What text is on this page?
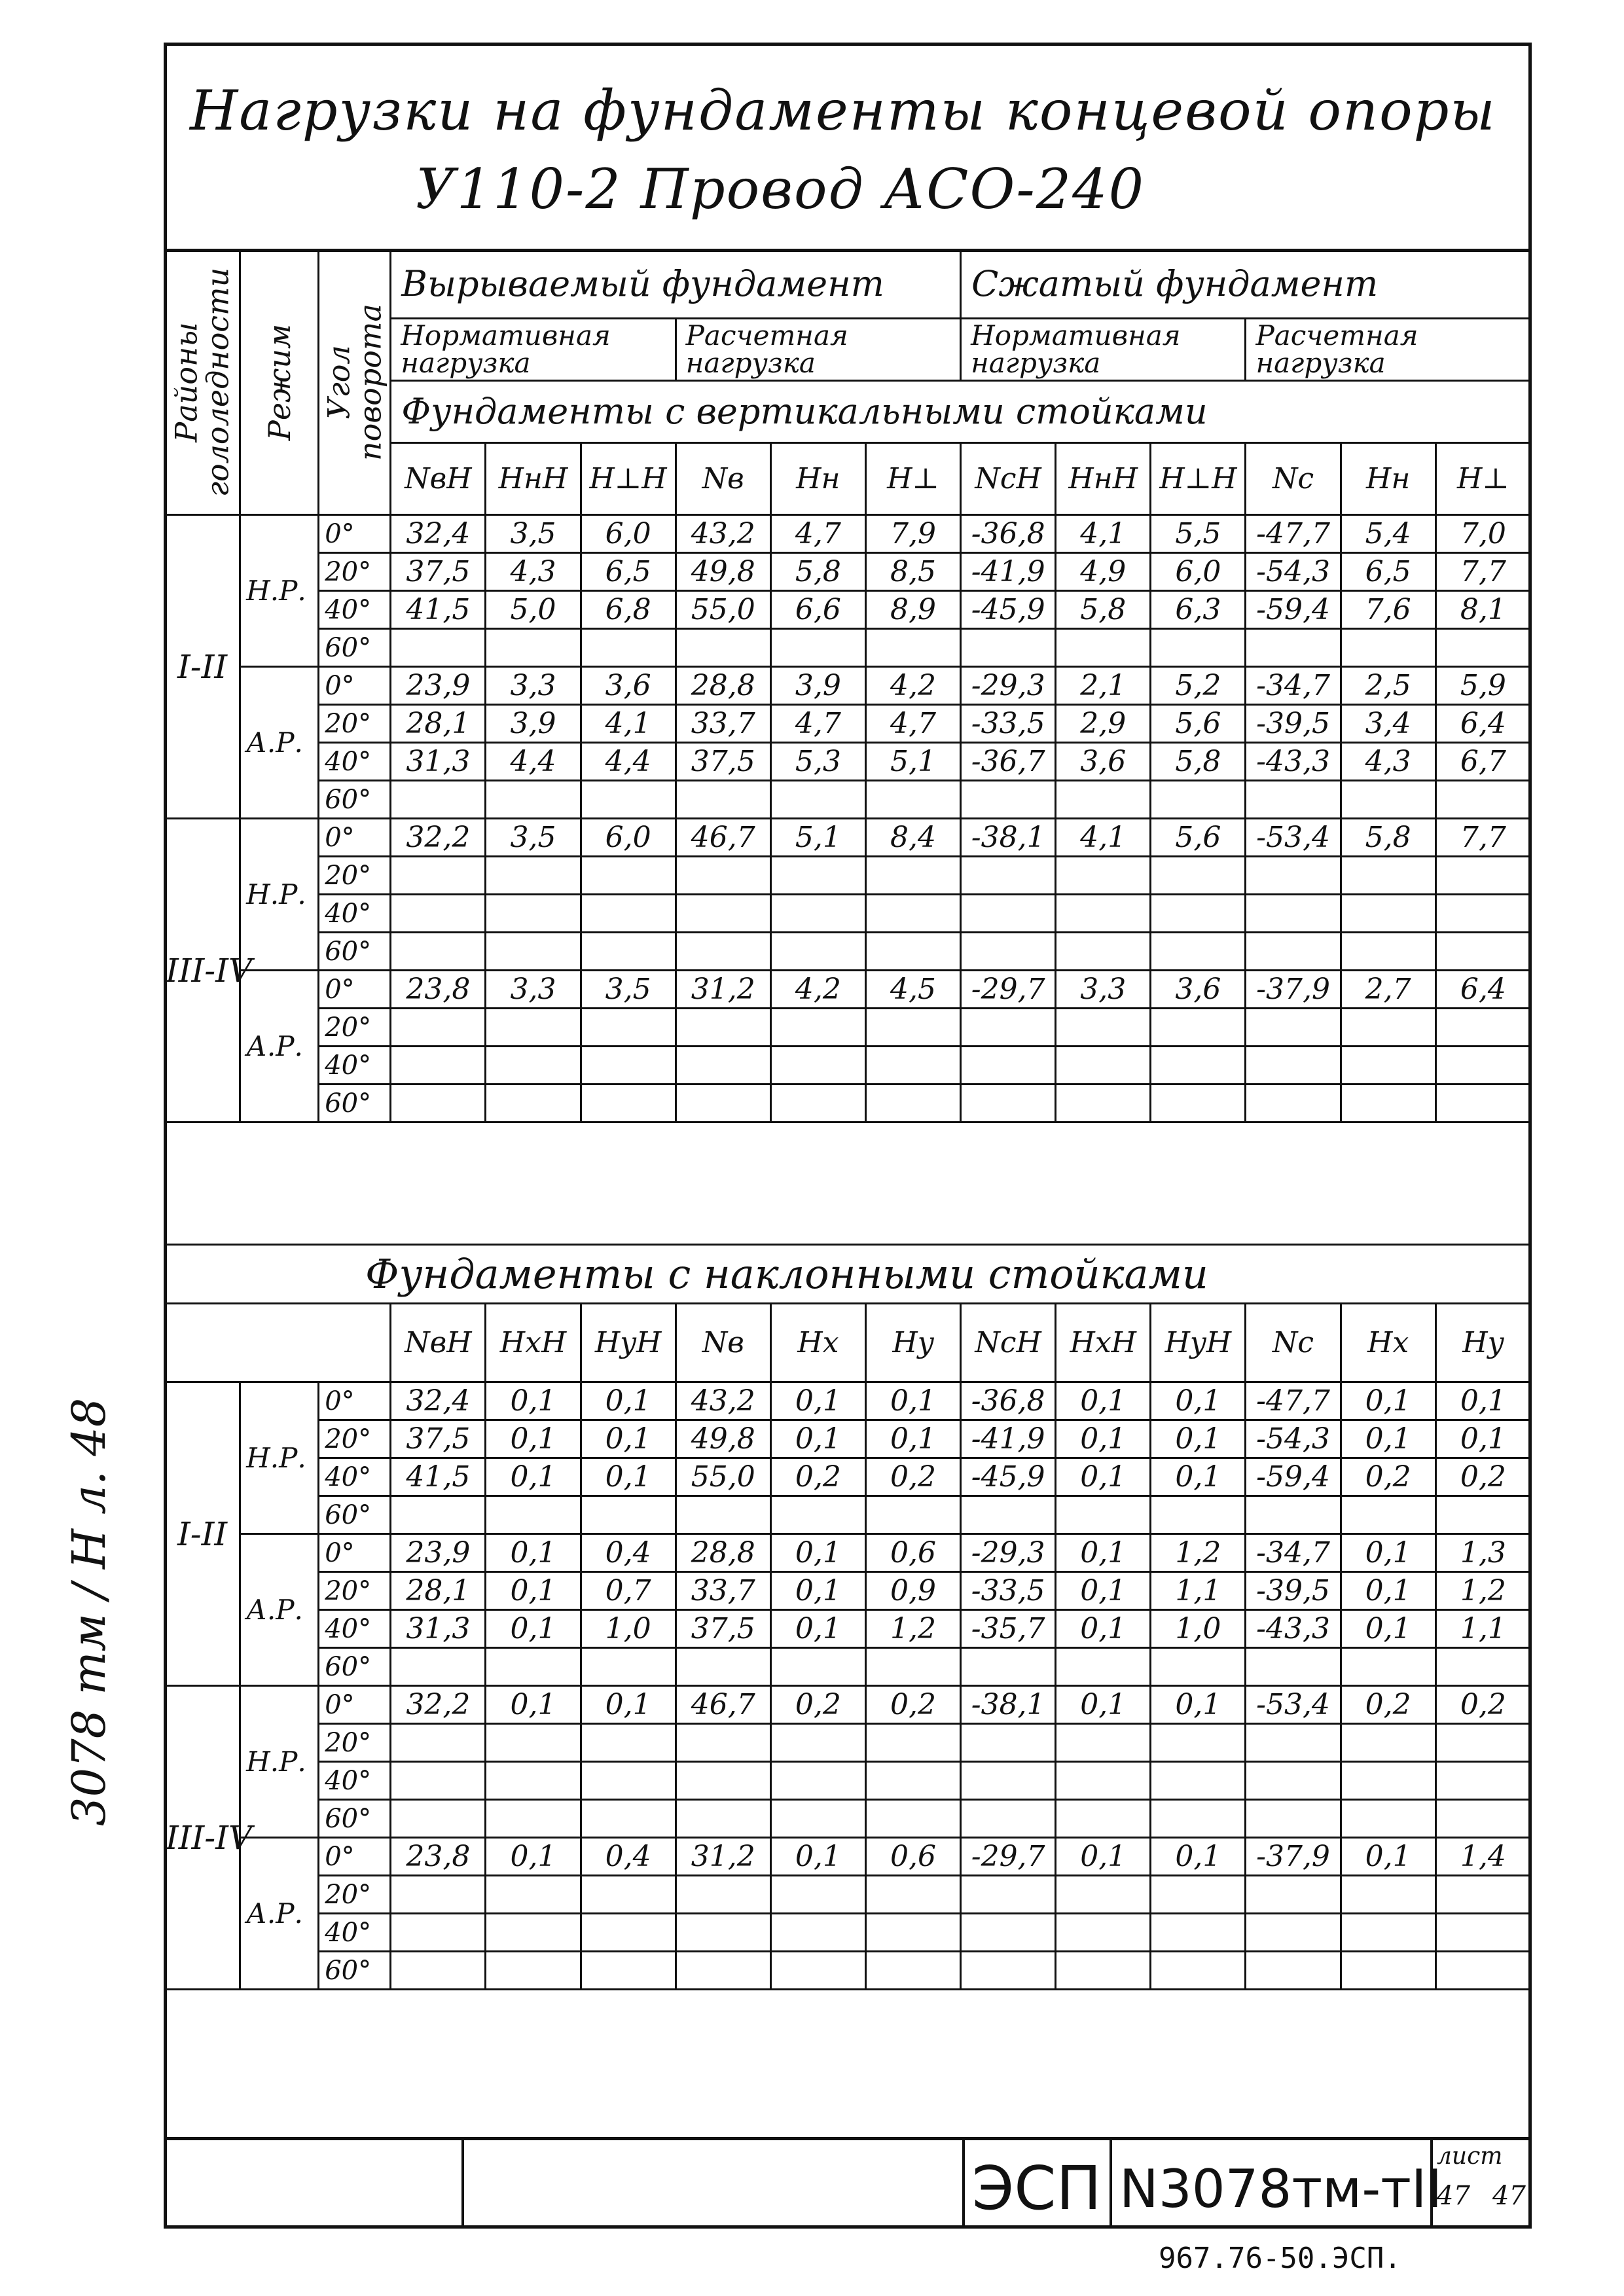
Нагрузки на фундаменты концевой опоры
У110-2 Провод АСО-240
Районы гололедности	Режим	Угол поворота	Вырываемый фундамент						Сжатый фундамент					
			Нормативная нагрузка			Расчетная нагрузка			Нормативная нагрузка			Расчетная нагрузка		
			Фундаменты с вертикальными стойками											
			NвН	HнН	H⊥Н	Nв	Hн	H⊥	NсН	HнН	H⊥Н	Nс	Hн	H⊥
I-II	Н.Р.	0°	32,4	3,5	6,0	43,2	4,7	7,9	-36,8	4,1	5,5	-47,7	5,4	7,0
		20°	37,5	4,3	6,5	49,8	5,8	8,5	-41,9	4,9	6,0	-54,3	6,5	7,7
		40°	41,5	5,0	6,8	55,0	6,6	8,9	-45,9	5,8	6,3	-59,4	7,6	8,1
		60°												
	А.Р.	0°	23,9	3,3	3,6	28,8	3,9	4,2	-29,3	2,1	5,2	-34,7	2,5	5,9
		20°	28,1	3,9	4,1	33,7	4,7	4,7	-33,5	2,9	5,6	-39,5	3,4	6,4
		40°	31,3	4,4	4,4	37,5	5,3	5,1	-36,7	3,6	5,8	-43,3	4,3	6,7
		60°												
III-IV	Н.Р.	0°	32,2	3,5	6,0	46,7	5,1	8,4	-38,1	4,1	5,6	-53,4	5,8	7,7
		20°												
		40°												
		60°												
	А.Р.	0°	23,8	3,3	3,5	31,2	4,2	4,5	-29,7	3,3	3,6	-37,9	2,7	6,4
		20°												
		40°												
		60°												
Фундаменты с наклонными стойками
			NвН	HxН	HyН	Nв	Hx	Hy	NсН	HxН	HyН	Nс	Hx	Hy
I-II	Н.Р.	0°	32,4	0,1	0,1	43,2	0,1	0,1	-36,8	0,1	0,1	-47,7	0,1	0,1
		20°	37,5	0,1	0,1	49,8	0,1	0,1	-41,9	0,1	0,1	-54,3	0,1	0,1
		40°	41,5	0,1	0,1	55,0	0,2	0,2	-45,9	0,1	0,1	-59,4	0,2	0,2
		60°												
	А.Р.	0°	23,9	0,1	0,4	28,8	0,1	0,6	-29,3	0,1	1,2	-34,7	0,1	1,3
		20°	28,1	0,1	0,7	33,7	0,1	0,9	-33,5	0,1	1,1	-39,5	0,1	1,2
		40°	31,3	0,1	1,0	37,5	0,1	1,2	-35,7	0,1	1,0	-43,3	0,1	1,1
		60°												
III-IV	Н.Р.	0°	32,2	0,1	0,1	46,7	0,2	0,2	-38,1	0,1	0,1	-53,4	0,2	0,2
		20°												
		40°												
		60°												
	А.Р.	0°	23,8	0,1	0,4	31,2	0,1	0,6	-29,7	0,1	0,1	-37,9	0,1	1,4
		20°												
		40°												
		60°												
3078 тм / Н л. 48
ЭСП N3078тм-тII
лист
47 47
967.76-50.ЭСП.
